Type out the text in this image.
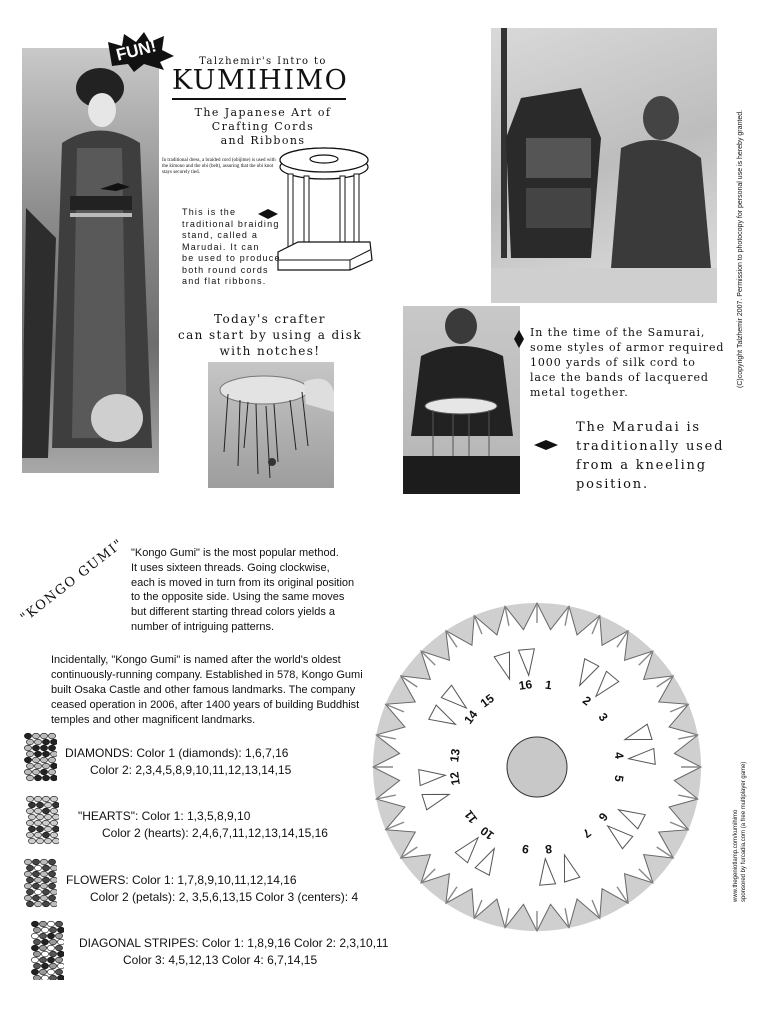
FUN!	Talzhemir's Intro to
KUMIHIMO
The Japanese Art of
Crafting Cords
and Ribbons
In traditional dress, a braided cord (obijime) is used with the kimono and the obi (belt), assuring that the obi knot stays securely tied.
This is the
traditional braiding
stand, called a
Marudai. It can
be used to produce
both round cords
and flat ribbons.	(C)copyright Talzhemir 2007. Permission to photocopy for personal use is hereby granted.
Today's crafter
can start by using a disk
with notches!
In the time of the Samurai,
some styles of armor required
1000 yards of silk cord to
lace the bands of lacquered
metal together.
The Marudai is
traditionally used
from a kneeling
position.
"KONGO GUMI" "Kongo Gumi" is the most popular method.
It uses sixteen threads. Going clockwise,
each is moved in turn from its original position
to the opposite side. Using the same moves
but different starting thread colors yields a
number of intriguing patterns.
Incidentally, "Kongo Gumi" is named after the world's oldest
continuously-running company. Established in 578, Kongo Gumi
built Osaka Castle and other famous landmarks. The company
ceased operation in 2006, after 1400 years of building Buddhist
temples and other magnificent landmarks.
DIAMONDS: Color 1 (diamonds): 1,6,7,16
Color 2: 2,3,4,5,8,9,10,11,12,13,14,15
"HEARTS": Color 1: 1,3,5,8,9,10
Color 2 (hearts): 2,4,6,7,11,12,13,14,15,16
FLOWERS: Color 1: 1,7,8,9,10,11,12,14,16
Color 2 (petals): 2, 3,5,6,13,15 Color 3 (centers): 4
DIAGONAL STRIPES: Color 1: 1,8,9,16 Color 2: 2,3,10,11
Color 3: 4,5,12,13 Color 4: 6,7,14,15
1
2
3
4
5
6
7
8
9
10
11
12
13
14
15
16
www.thegeniotlamp.com/kumihimo sponsored by furcadia.com (a free multiplayer game)
